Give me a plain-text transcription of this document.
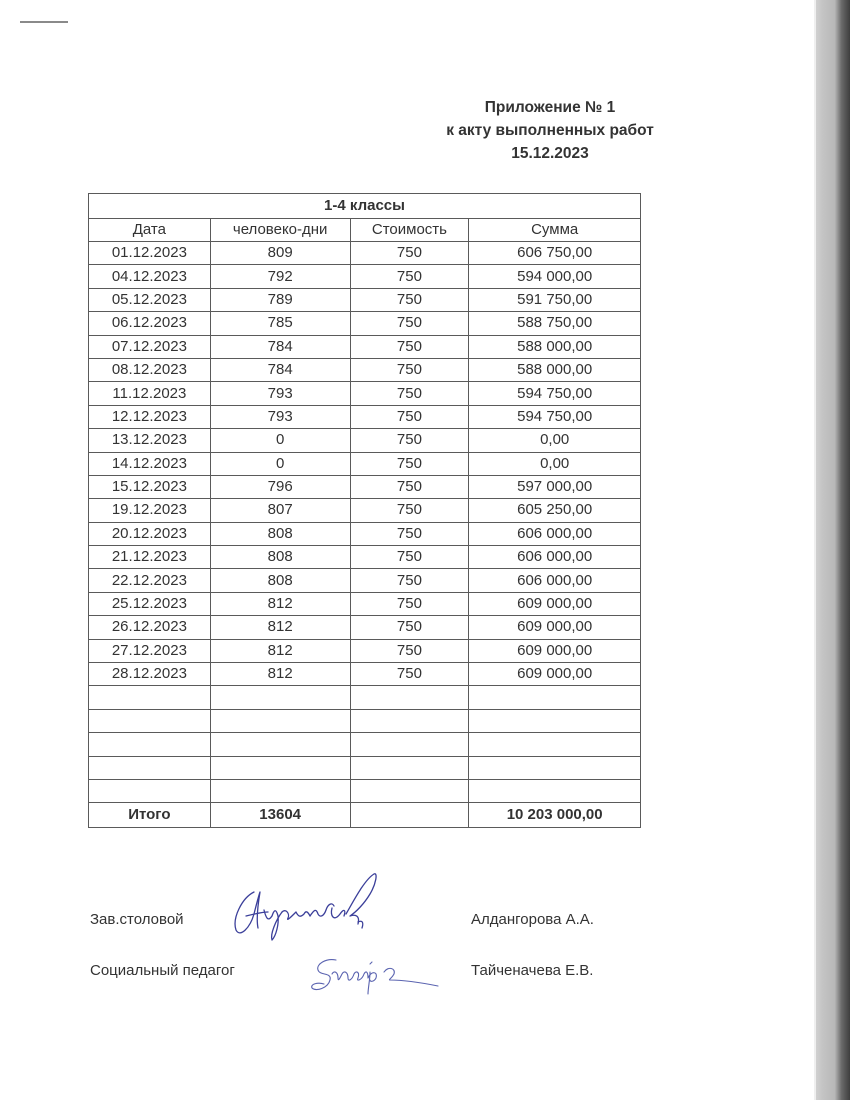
Приложение № 1
к акту выполненных работ
15.12.2023
1-4 классы			
Дата	человеко-дни	Стоимость	Сумма
01.12.2023	809	750	606 750,00
04.12.2023	792	750	594 000,00
05.12.2023	789	750	591 750,00
06.12.2023	785	750	588 750,00
07.12.2023	784	750	588 000,00
08.12.2023	784	750	588 000,00
11.12.2023	793	750	594 750,00
12.12.2023	793	750	594 750,00
13.12.2023	0	750	0,00
14.12.2023	0	750	0,00
15.12.2023	796	750	597 000,00
19.12.2023	807	750	605 250,00
20.12.2023	808	750	606 000,00
21.12.2023	808	750	606 000,00
22.12.2023	808	750	606 000,00
25.12.2023	812	750	609 000,00
26.12.2023	812	750	609 000,00
27.12.2023	812	750	609 000,00
28.12.2023	812	750	609 000,00

Итого	13604		10 203 000,00
Зав.столовой	Алдангорова А.А.
Социальный педагог	Тайченачева Е.В.
